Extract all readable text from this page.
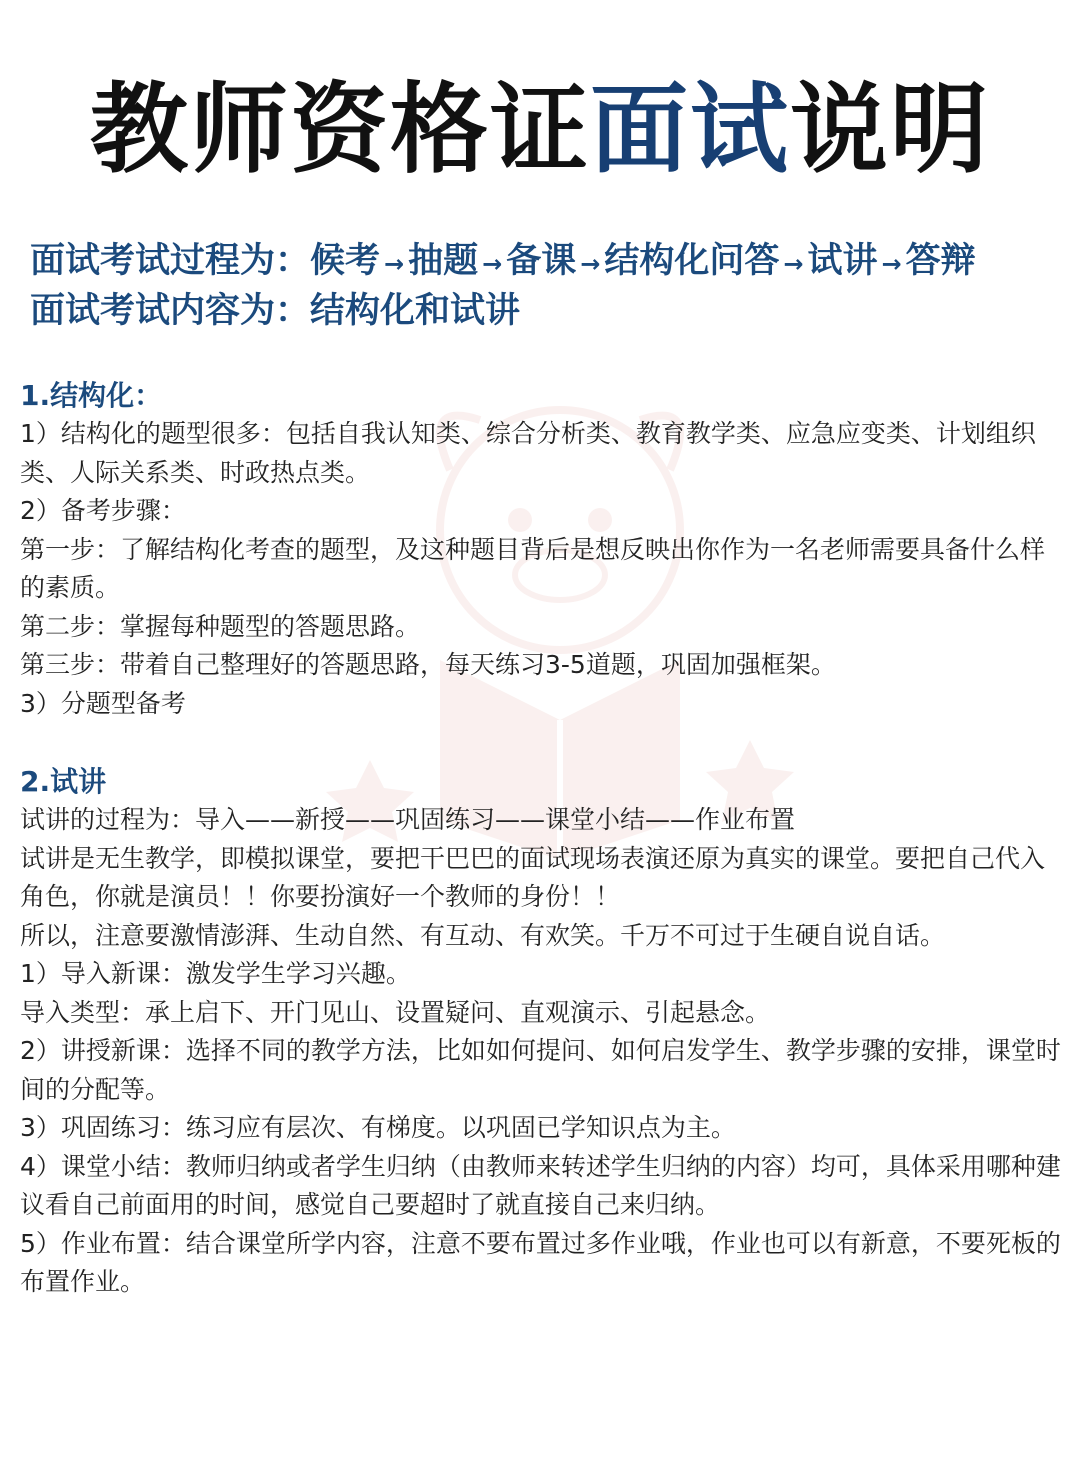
教师资格证面试说明
面试考试过程为： 候考 → 抽题 → 备课 → 结构化问答 → 试讲 → 答辩
面试考试内容为： 结构化和试讲

1.结构化：

1）结构化的题型很多：包括自我认知类、综合分析类、教育教学类、应急应变类、计划组织类、人际关系类、时政热点类。

2）备考步骤：

第一步：了解结构化考查的题型，及这种题目背后是想反映出你作为一名老师需要具备什么样的素质。

第二步：掌握每种题型的答题思路。

第三步：带着自己整理好的答题思路，每天练习3-5道题，巩固加强框架。

3）分题型备考

2.试讲

试讲的过程为：导入——新授——巩固练习——课堂小结——作业布置

试讲是无生教学，即模拟课堂，要把干巴巴的面试现场表演还原为真实的课堂。要把自己代入角色，你就是演员！！你要扮演好一个教师的身份！！

所以，注意要激情澎湃、生动自然、有互动、有欢笑。千万不可过于生硬自说自话。

1）导入新课：激发学生学习兴趣。

导入类型：承上启下、开门见山、设置疑问、直观演示、引起悬念。

2）讲授新课：选择不同的教学方法，比如如何提问、如何启发学生、教学步骤的安排，课堂时间的分配等。

3）巩固练习：练习应有层次、有梯度。以巩固已学知识点为主。

4）课堂小结：教师归纳或者学生归纳（由教师来转述学生归纳的内容）均可，具体采用哪种建议看自己前面用的时间，感觉自己要超时了就直接自己来归纳。

5）作业布置：结合课堂所学内容，注意不要布置过多作业哦，作业也可以有新意，不要死板的布置作业。
